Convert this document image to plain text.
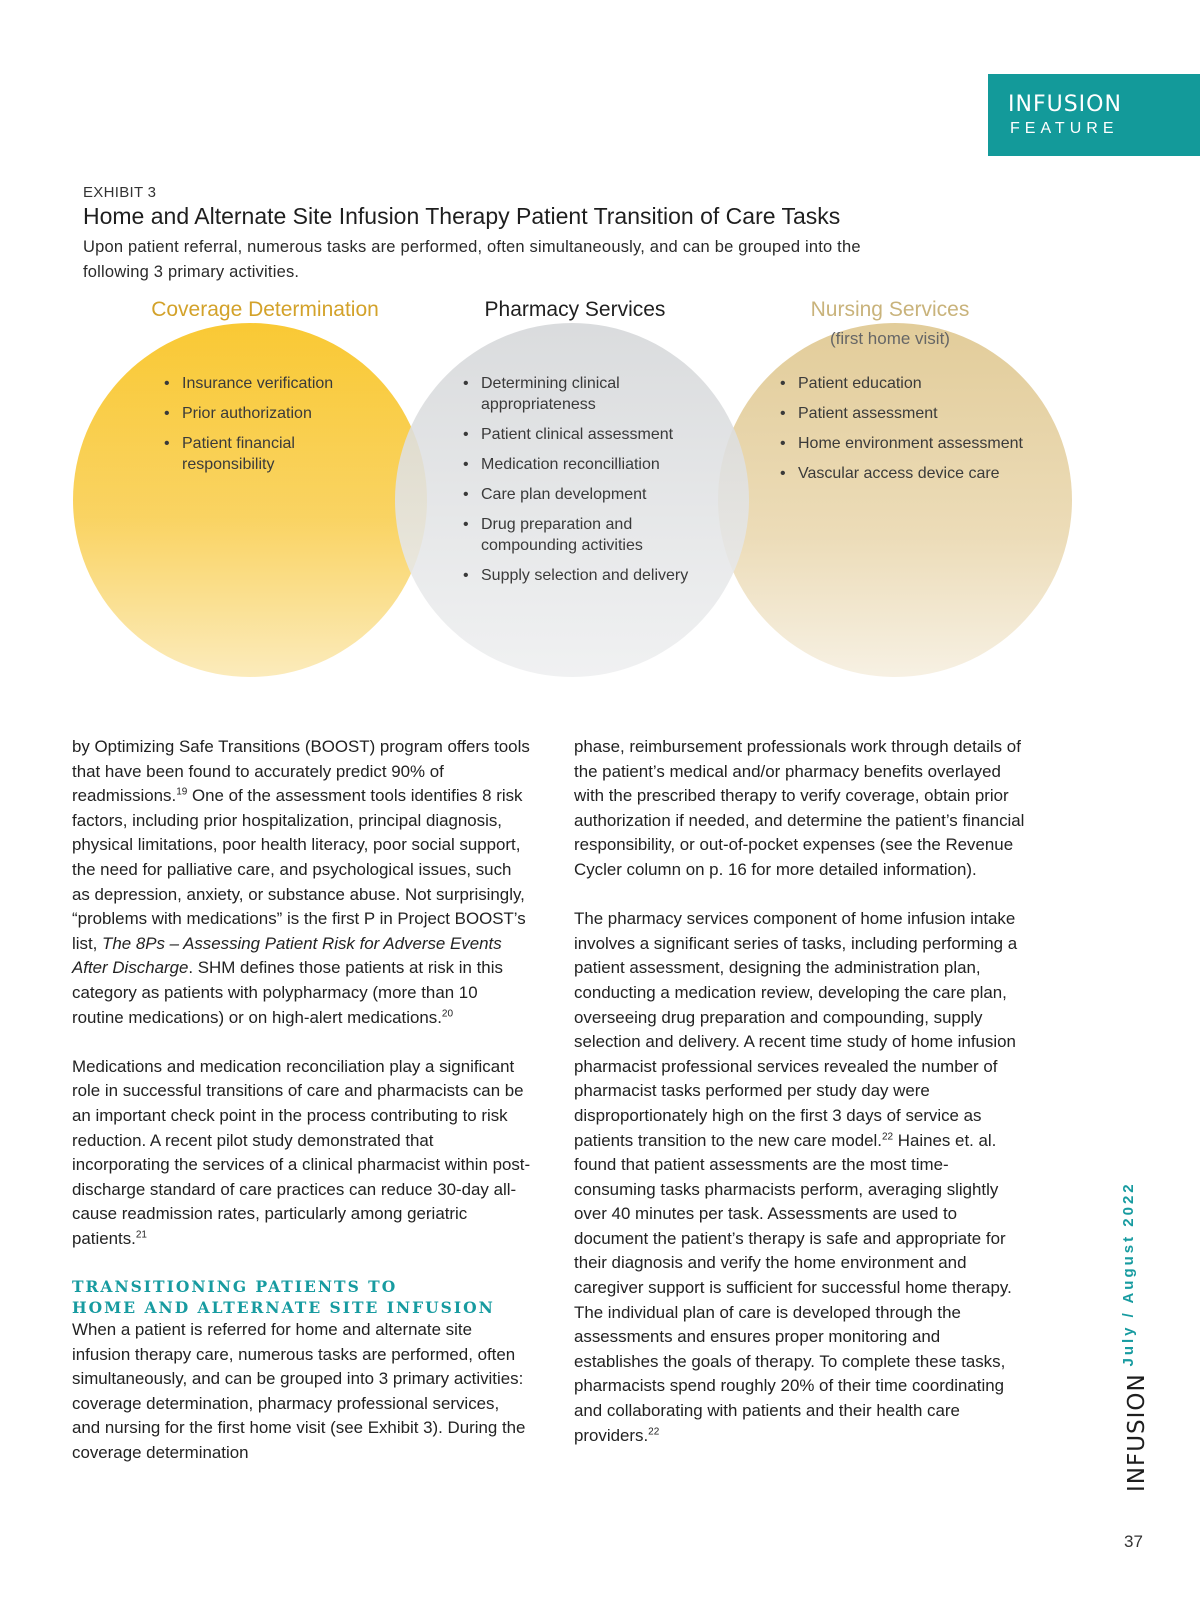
INFUSION
FEATURE
EXHIBIT 3
Home and Alternate Site Infusion Therapy Patient Transition of Care Tasks
Upon patient referral, numerous tasks are performed, often simultaneously, and can be grouped into the following 3 primary activities.
Coverage Determination	Pharmacy Services	Nursing Services
(first home visit)
• Insurance verification
• Prior authorization
• Patient financial responsibility
• Determining clinical appropriateness
• Patient clinical assessment
• Medication reconcilliation
• Care plan development
• Drug preparation and compounding activities
• Supply selection and delivery
• Patient education
• Patient assessment
• Home environment assessment
• Vascular access device care

by Optimizing Safe Transitions (BOOST) program offers tools that have been found to accurately predict 90% of readmissions.$^{19}$ One of the assessment tools identifies 8 risk factors, including prior hospitalization, principal diagnosis, physical limitations, poor health literacy, poor social support, the need for palliative care, and psychological issues, such as depression, anxiety, or substance abuse. Not surprisingly, “problems with medications” is the first P in Project BOOST’s list, The 8Ps – Assessing Patient Risk for Adverse Events After Discharge. SHM defines those patients at risk in this category as patients with polypharmacy (more than 10 routine medications) or on high-alert medications.$^{20}$

Medications and medication reconciliation play a significant role in successful transitions of care and pharmacists can be an important check point in the process contributing to risk reduction. A recent pilot study demonstrated that incorporating the services of a clinical pharmacist within post-discharge standard of care practices can reduce 30-day all-cause readmission rates, particularly among geriatric patients.$^{21}$

TRANSITIONING PATIENTS TO
HOME AND ALTERNATE SITE INFUSION

When a patient is referred for home and alternate site infusion therapy care, numerous tasks are performed, often simultaneously, and can be grouped into 3 primary activities: coverage determination, pharmacy professional services, and nursing for the first home visit (see Exhibit 3). During the coverage determination

phase, reimbursement professionals work through details of the patient’s medical and/or pharmacy benefits overlayed with the prescribed therapy to verify coverage, obtain prior authorization if needed, and determine the patient’s financial responsibility, or out-of-pocket expenses (see the Revenue Cycler column on p. 16 for more detailed information).

The pharmacy services component of home infusion intake involves a significant series of tasks, including performing a patient assessment, designing the administration plan, conducting a medication review, developing the care plan, overseeing drug preparation and compounding, supply selection and delivery. A recent time study of home infusion pharmacist professional services revealed the number of pharmacist tasks performed per study day were disproportionately high on the first 3 days of service as patients transition to the new care model.$^{22}$ Haines et. al. found that patient assessments are the most time-consuming tasks pharmacists perform, averaging slightly over 40 minutes per task. Assessments are used to document the patient’s therapy is safe and appropriate for their diagnosis and verify the home environment and caregiver support is sufficient for successful home therapy. The individual plan of care is developed through the assessments and ensures proper monitoring and establishes the goals of therapy. To complete these tasks, pharmacists spend roughly 20% of their time coordinating and collaborating with patients and their health care providers.$^{22}$

July / August 2022
INFUSION
37
